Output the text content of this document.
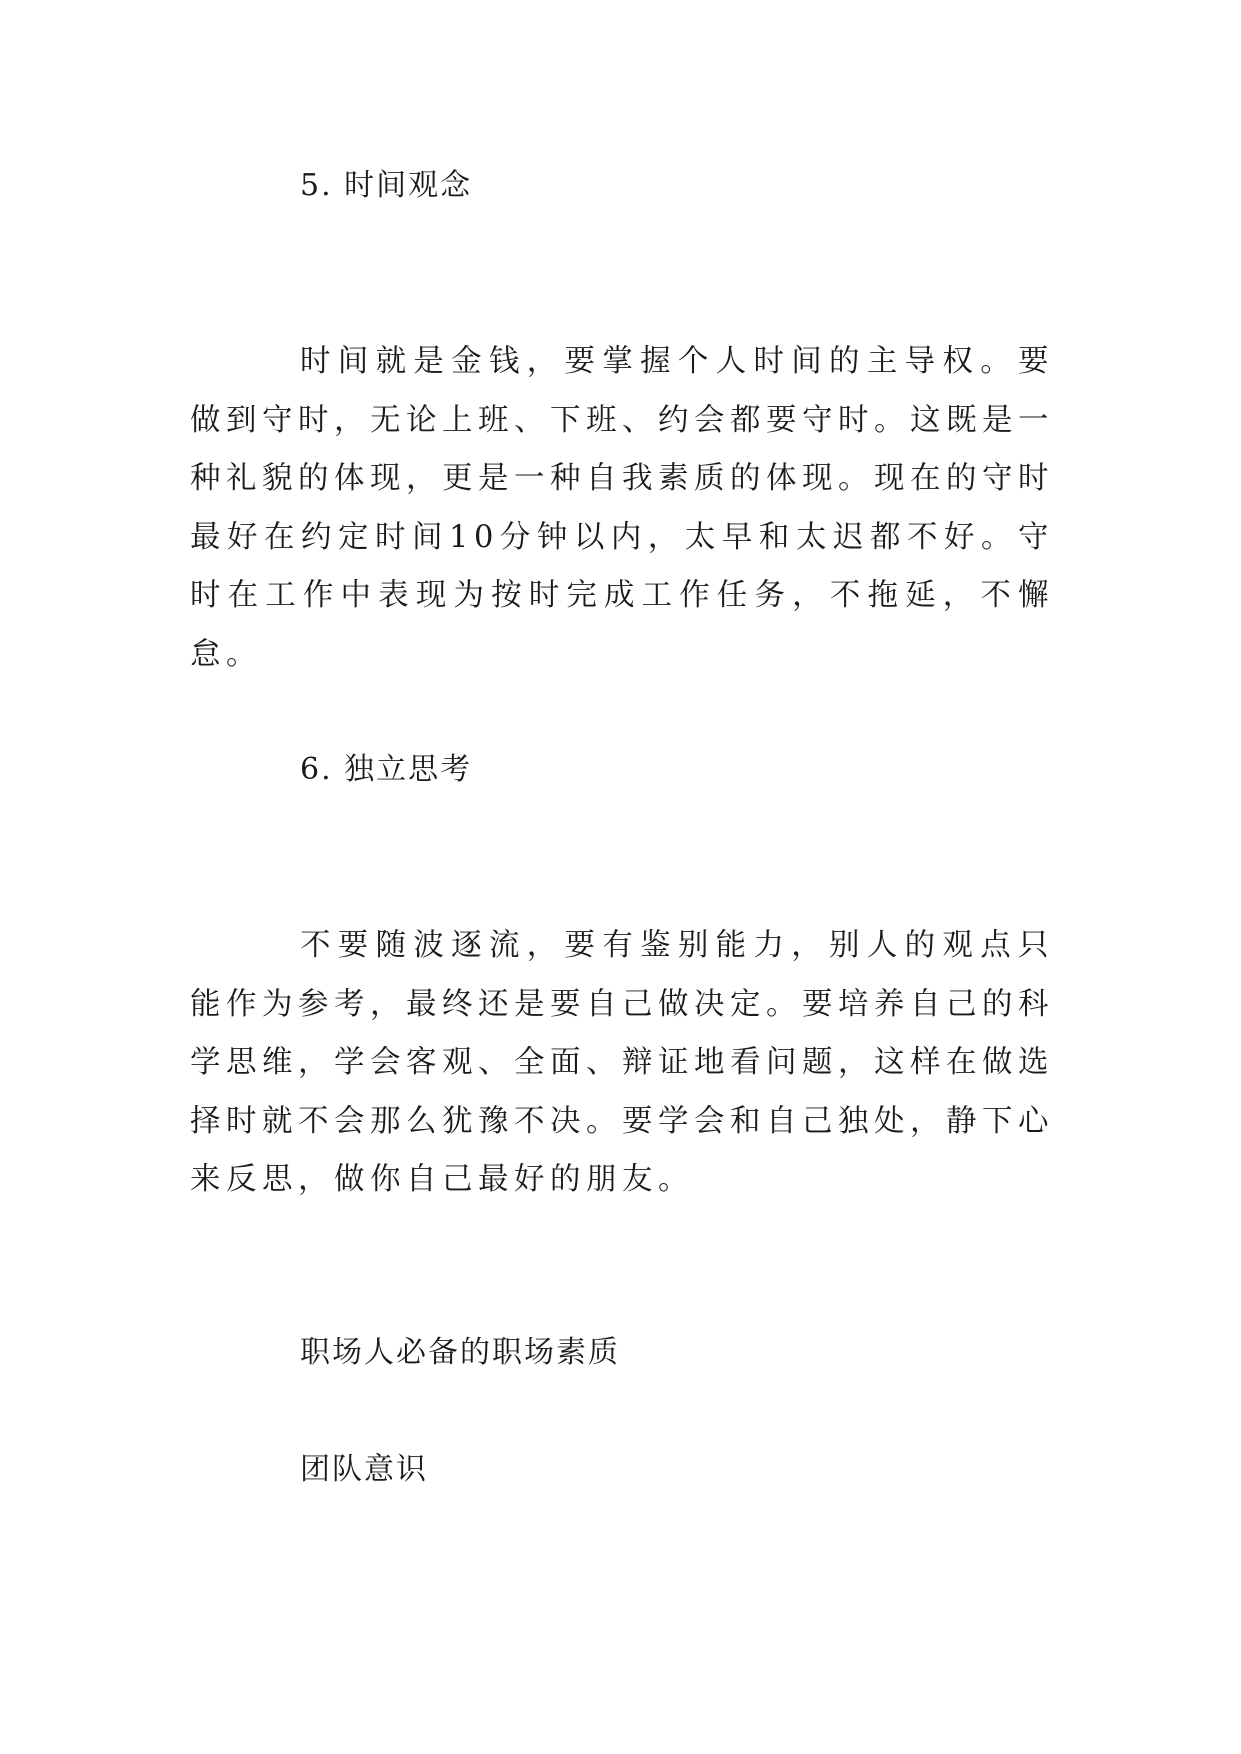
5. 时间观念

时间就是金钱，要掌握个人时间的主导权。要做到守时，无论上班、下班、约会都要守时。这既是一种礼貌的体现，更是一种自我素质的体现。现在的守时最好在约定时间10分钟以内，太早和太迟都不好。守时在工作中表现为按时完成工作任务，不拖延，不懈怠。

6. 独立思考

不要随波逐流，要有鉴别能力，别人的观点只能作为参考，最终还是要自己做决定。要培养自己的科学思维，学会客观、全面、辩证地看问题，这样在做选择时就不会那么犹豫不决。要学会和自己独处，静下心来反思，做你自己最好的朋友。

职场人必备的职场素质
团队意识
